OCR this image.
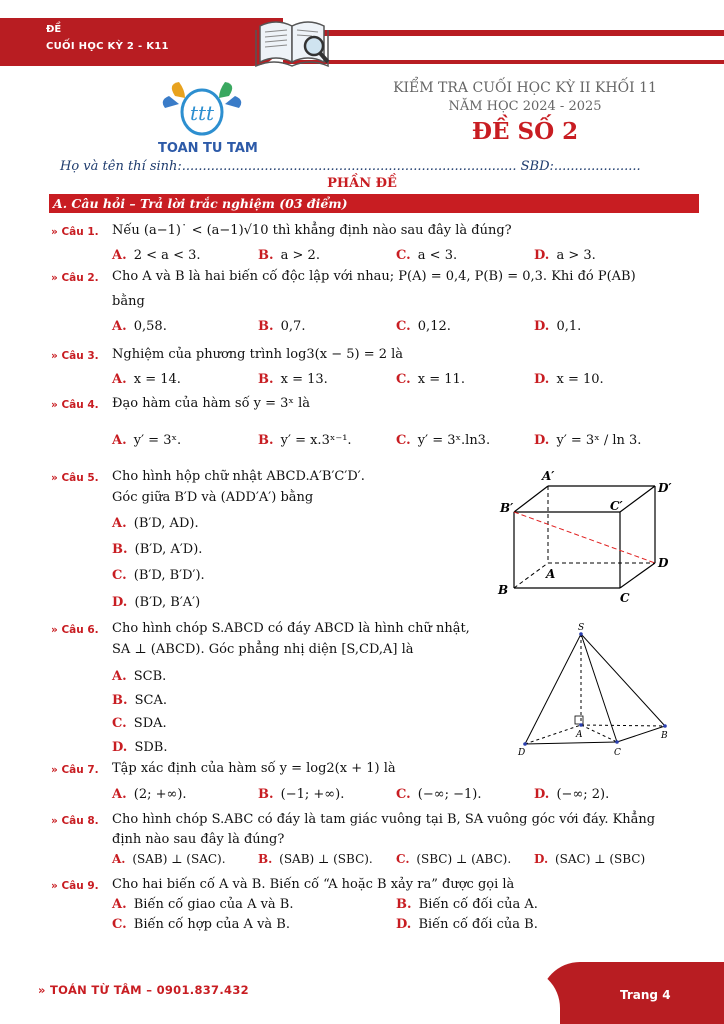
ĐỀ
CUỐI HỌC KỲ 2 - K11
ttt
TOAN TU TAM
KIỂM TRA CUỐI HỌC KỲ II KHỐI 11
NĂM HỌC 2024 - 2025
ĐỀ SỐ 2
Họ và tên thí sinh:................................................................................. SBD:.....................
PHẦN ĐỀ
A. Câu hỏi – Trả lời trắc nghiệm (03 điểm)
» Câu 1. Nếu (a−1)˙ < (a−1)√10 thì khẳng định nào sau đây là đúng?
A. 2 < a < 3.	B. a > 2.	C. a < 3.	D. a > 3.
» Câu 2. Cho A và B là hai biến cố độc lập với nhau; P(A) = 0,4, P(B) = 0,3. Khi đó P(AB)
bằng
A. 0,58.	B. 0,7.	C. 0,12.	D. 0,1.
» Câu 3. Nghiệm của phương trình log3(x − 5) = 2 là
A. x = 14.	B. x = 13.	C. x = 11.	D. x = 10.
» Câu 4. Đạo hàm của hàm số y = 3ˣ là
A. y′ = 3ˣ.	B. y′ = x.3ˣ⁻¹.	C. y′ = 3ˣ.ln3.	D. y′ = 3ˣ / ln 3.
» Câu 5. Cho hình hộp chữ nhật ABCD.A′B′C′D′.
Góc giữa B′D và (ADD′A′) bằng
A. (B′D, AD).
B. (B′D, A′D).
C. (B′D, B′D′).
D. (B′D, B′A′)
A′
D′
B′	C′
A
D
B
C
» Câu 6. Cho hình chóp S.ABCD có đáy ABCD là hình chữ nhật,
SA ⊥ (ABCD). Góc phẳng nhị diện [S,CD,A] là
A. SCB.
B. SCA.
C. SDA.
D. SDB.
S
A	B
C
D
» Câu 7. Tập xác định của hàm số y = log2(x + 1) là
A. (2; +∞).	B. (−1; +∞).	C. (−∞; −1).	D. (−∞; 2).
» Câu 8. Cho hình chóp S.ABC có đáy là tam giác vuông tại B, SA vuông góc với đáy. Khẳng
định nào sau đây là đúng?
A. (SAB) ⊥ (SAC).	B. (SAB) ⊥ (SBC). C. (SBC) ⊥ (ABC). D. (SAC) ⊥ (SBC)
» Câu 9. Cho hai biến cố A và B. Biến cố “A hoặc B xảy ra” được gọi là
A. Biến cố giao của A và B.	B. Biến cố đối của A.
C. Biến cố hợp của A và B.	D. Biến cố đối của B.
» TOÁN TỪ TÂM – 0901.837.432	Trang 4
